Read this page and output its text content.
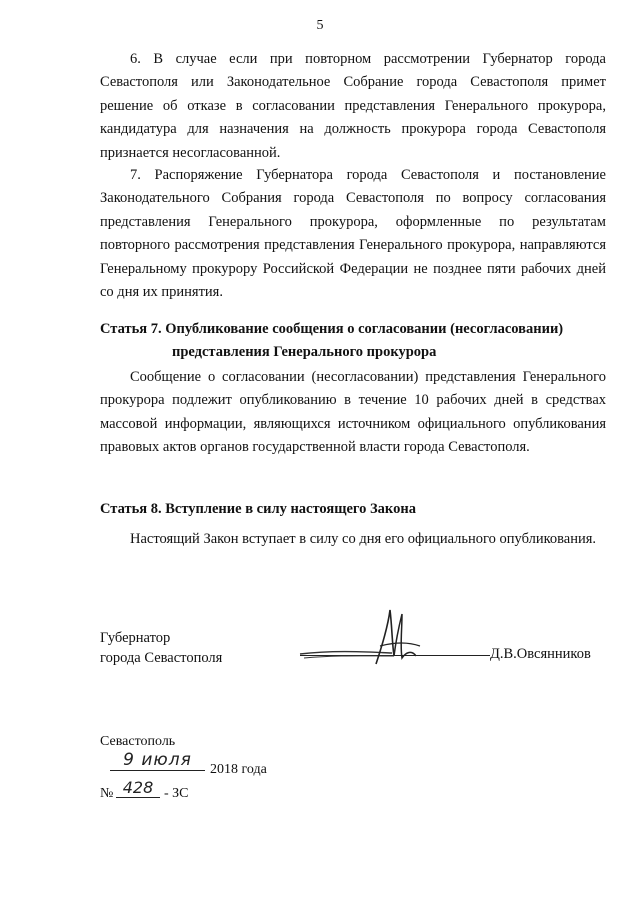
5

6. В случае если при повторном рассмотрении Губернатор города Севастополя или Законодательное Собрание города Севастополя примет решение об отказе в согласовании представления Генерального прокурора, кандидатура для назначения на должность прокурора города Севастополя признается несогласованной.

7. Распоряжение Губернатора города Севастополя и постановление Законодательного Собрания города Севастополя по вопросу согласования представления Генерального прокурора, оформленные по результатам повторного рассмотрения представления Генерального прокурора, направляются Генеральному прокурору Российской Федерации не позднее пяти рабочих дней со дня их принятия.

Статья 7. Опубликование сообщения о согласовании (несогласовании)
представления Генерального прокурора

Сообщение о согласовании (несогласовании) представления Генерального прокурора подлежит опубликованию в течение 10 рабочих дней в средствах массовой информации, являющихся источником официального опубликования правовых актов органов государственной власти города Севастополя.

Статья 8. Вступление в силу настоящего Закона

Настоящий Закон вступает в силу со дня его официального опубликования.

Губернатор
города Севастополя	Д.В.Овсянников
Севастополь
9 июля	2018 года
№ 428 - ЗС
